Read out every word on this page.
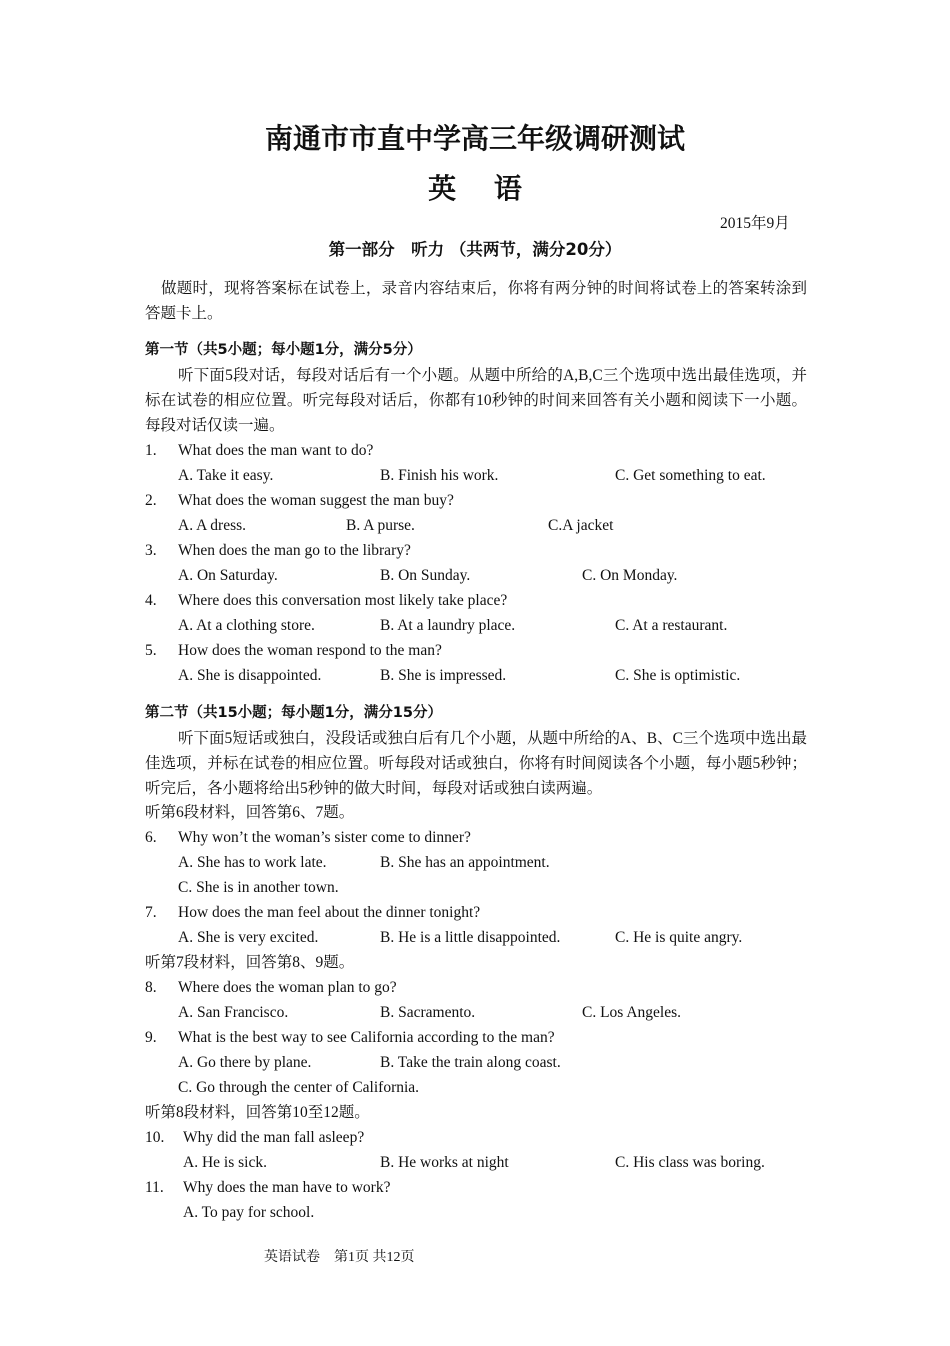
南通市市直中学高三年级调研测试
英 语
2015年9月
第一部分　听力 （共两节，满分20分）
做题时，现将答案标在试卷上，录音内容结束后，你将有两分钟的时间将试卷上的答案转涂到答题卡上。
第一节（共5小题；每小题1分，满分5分）
听下面5段对话，每段对话后有一个小题。从题中所给的A,B,C三个选项中选出最佳选项，并标在试卷的相应位置。听完每段对话后，你都有10秒钟的时间来回答有关小题和阅读下一小题。每段对话仅读一遍。
1. What does the man want to do?
A. Take it easy.	B. Finish his work.	C. Get something to eat.
2. What does the woman suggest the man buy?
A. A dress.	B. A purse.	C.A jacket
3. When does the man go to the library?
A. On Saturday.	B. On Sunday.	C. On Monday.
4. Where does this conversation most likely take place?
A. At a clothing store.	B. At a laundry place.	C. At a restaurant.
5. How does the woman respond to the man?
A. She is disappointed.	B. She is impressed.	C. She is optimistic.
第二节（共15小题；每小题1分，满分15分）
听下面5短话或独白，没段话或独白后有几个小题，从题中所给的A、B、C三个选项中选出最佳选项，并标在试卷的相应位置。听每段对话或独白，你将有时间阅读各个小题，每小题5秒钟；听完后，各小题将给出5秒钟的做大时间，每段对话或独白读两遍。
听第6段材料，回答第6、7题。
6. Why won’t the woman’s sister come to dinner?
A. She has to work late.	B. She has an appointment.
C. She is in another town.
7. How does the man feel about the dinner tonight?
A. She is very excited.	B. He is a little disappointed.	C. He is quite angry.
听第7段材料，回答第8、9题。
8. Where does the woman plan to go?
A. San Francisco.	B. Sacramento.	C. Los Angeles.
9. What is the best way to see California according to the man?
A. Go there by plane.	B. Take the train along coast.
C. Go through the center of California.
听第8段材料，回答第10至12题。
10. Why did the man fall asleep?
A. He is sick.	B. He works at night	C. His class was boring.
11. Why does the man have to work?
A. To pay for school.
英语试卷　第1页 共12页
